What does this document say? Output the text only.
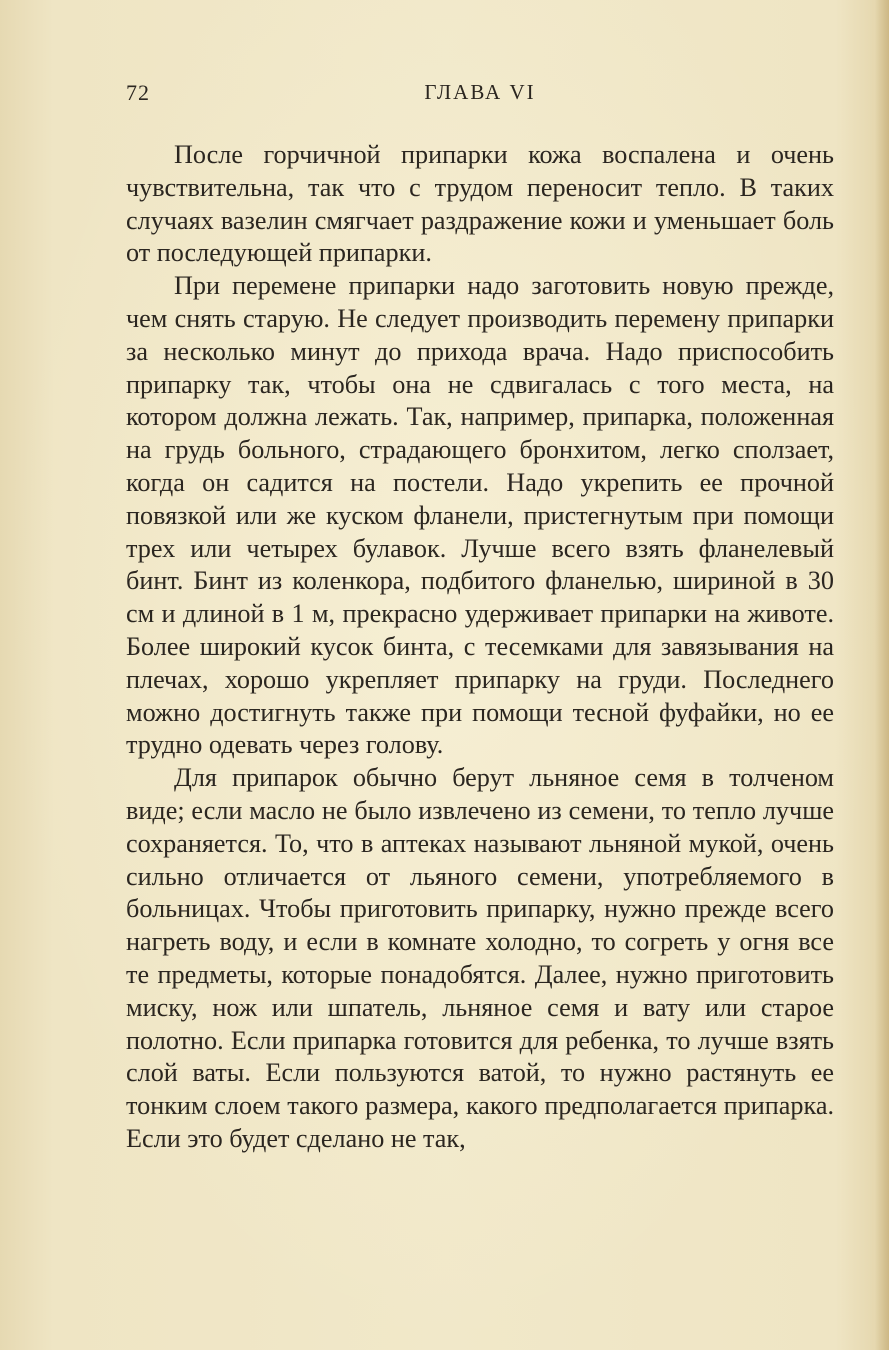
72	ГЛАВА VI

После горчичной припарки кожа воспалена и очень чувствительна, так что с трудом переносит тепло. В таких случаях вазелин смягчает раздражение кожи и уменьшает боль от последующей припарки.

При перемене припарки надо заготовить новую прежде, чем снять старую. Не следует производить перемену припарки за несколько минут до прихода врача. Надо приспособить припарку так, чтобы она не сдвигалась с того места, на котором должна лежать. Так, например, припарка, положенная на грудь больного, страдающего бронхитом, легко сползает, когда он садится на постели. Надо укрепить ее прочной повязкой или же куском фланели, пристегнутым при помощи трех или четырех булавок. Лучше всего взять фланелевый бинт. Бинт из коленкора, подбитого фланелью, шириной в 30 см и длиной в 1 м, прекрасно удерживает припарки на животе. Более широкий кусок бинта, с тесемками для завязывания на плечах, хорошо укрепляет припарку на груди. Последнего можно достигнуть также при помощи тесной фуфайки, но ее трудно одевать через голову.

Для припарок обычно берут льняное семя в толченом виде; если масло не было извлечено из семени, то тепло лучше сохраняется. То, что в аптеках называют льняной мукой, очень сильно отличается от льяного семени, употребляемого в больницах. Чтобы приготовить припарку, нужно прежде всего нагреть воду, и если в комнате холодно, то согреть у огня все те предметы, которые понадобятся. Далее, нужно приготовить миску, нож или шпатель, льняное семя и вату или старое полотно. Если припарка готовится для ребенка, то лучше взять слой ваты. Если пользуются ватой, то нужно растянуть ее тонким слоем такого размера, какого предполагается припарка. Если это будет сделано не так,
